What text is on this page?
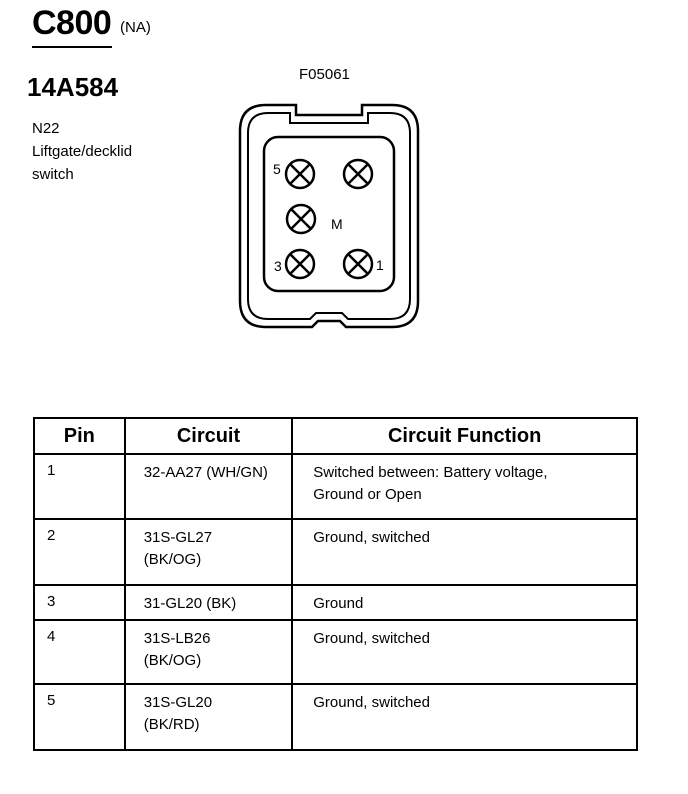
C800 (NA)
14A584
N22
Liftgate/decklid
switch
F05061
5
3	1
M
Pin	Circuit	Circuit Function
1	32-AA27 (WH/GN)	Switched between: Battery voltage,
Ground or Open

2	31S-GL27
(BK/OG)	Ground, switched

3	31-GL20 (BK)	Ground

4	31S-LB26
(BK/OG)	Ground, switched

5	31S-GL20
(BK/RD)	Ground, switched
